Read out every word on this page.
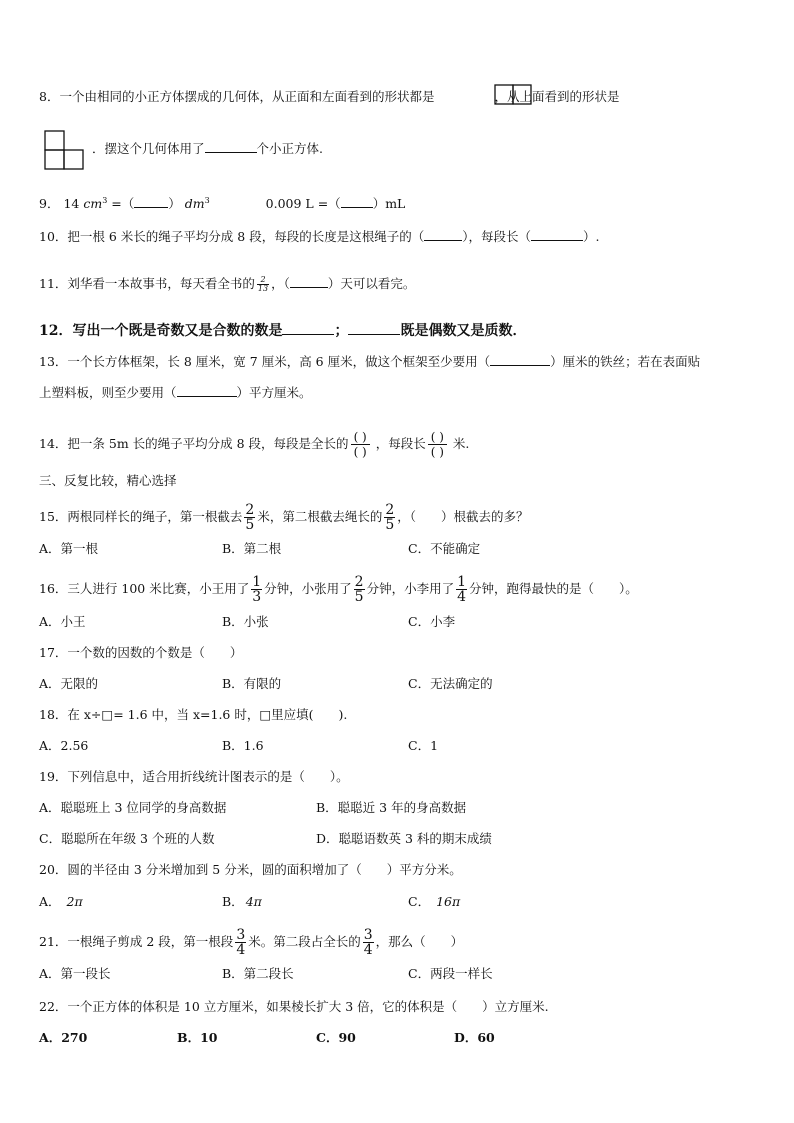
8．一个由相同的小正方体摆成的几何体，从正面和左面看到的形状都是	，从上面看到的形状是
．摆这个几何体用了	个小正方体.
9． 14 $cm^3$ =（	） $dm^3$	0.009 L =（	）mL
10．把一根 6 米长的绳子平均分成 8 段，每段的长度是这根绳子的（	），每段长（	）.
11．刘华看一本故事书，每天看全书的 $\frac{2}{13}$ ，（	）天可以看完。
12．写出一个既是奇数又是合数的数是	；	既是偶数又是质数．
13．一个长方体框架，长 8 厘米，宽 7 厘米，高 6 厘米，做这个框架至少要用（	）厘米的铁丝；若在表面贴
上塑料板，则至少要用（	）平方厘米。
14．把一条 5m 长的绳子平均分成 8 段，每段是全长的 $\frac{( )}{( )}$ ，每段长 $\frac{( )}{( )}$ 米.
三、反复比较，精心选择
15．两根同样长的绳子，第一根截去 $\frac{2}{5}$ 米，第二根截去绳长的 $\frac{2}{5}$ ，（　　）根截去的多？
A．第一根	B．第二根	C．不能确定
16．三人进行 100 米比赛，小王用了 $\frac{1}{3}$ 分钟，小张用了 $\frac{2}{5}$ 分钟，小李用了 $\frac{1}{4}$ 分钟，跑得最快的是（　　）。
A．小王	B．小张	C．小李
17．一个数的因数的个数是（　　）
A．无限的	B．有限的	C．无法确定的
18．在 x÷□= 1.6 中，当 x=1.6 时，□里应填(　　).
A．2.56	B．1.6	C．1
19．下列信息中，适合用折线统计图表示的是（　　）。
A．聪聪班上 3 位同学的身高数据	B．聪聪近 3 年的身高数据
C．聪聪所在年级 3 个班的人数	D．聪聪语数英 3 科的期末成绩
20．圆的半径由 3 分米增加到 5 分米，圆的面积增加了（　　）平方分米。
A． 2π	B． 4π	C． 16π
21．一根绳子剪成 2 段，第一根段 $\frac{3}{4}$ 米。第二段占全长的 $\frac{3}{4}$ ，那么（　　）
A．第一段长	B．第二段长	C．两段一样长
22．一个正方体的体积是 10 立方厘米，如果棱长扩大 3 倍，它的体积是（　　）立方厘米.
A．270	B．10	C．90	D．60
